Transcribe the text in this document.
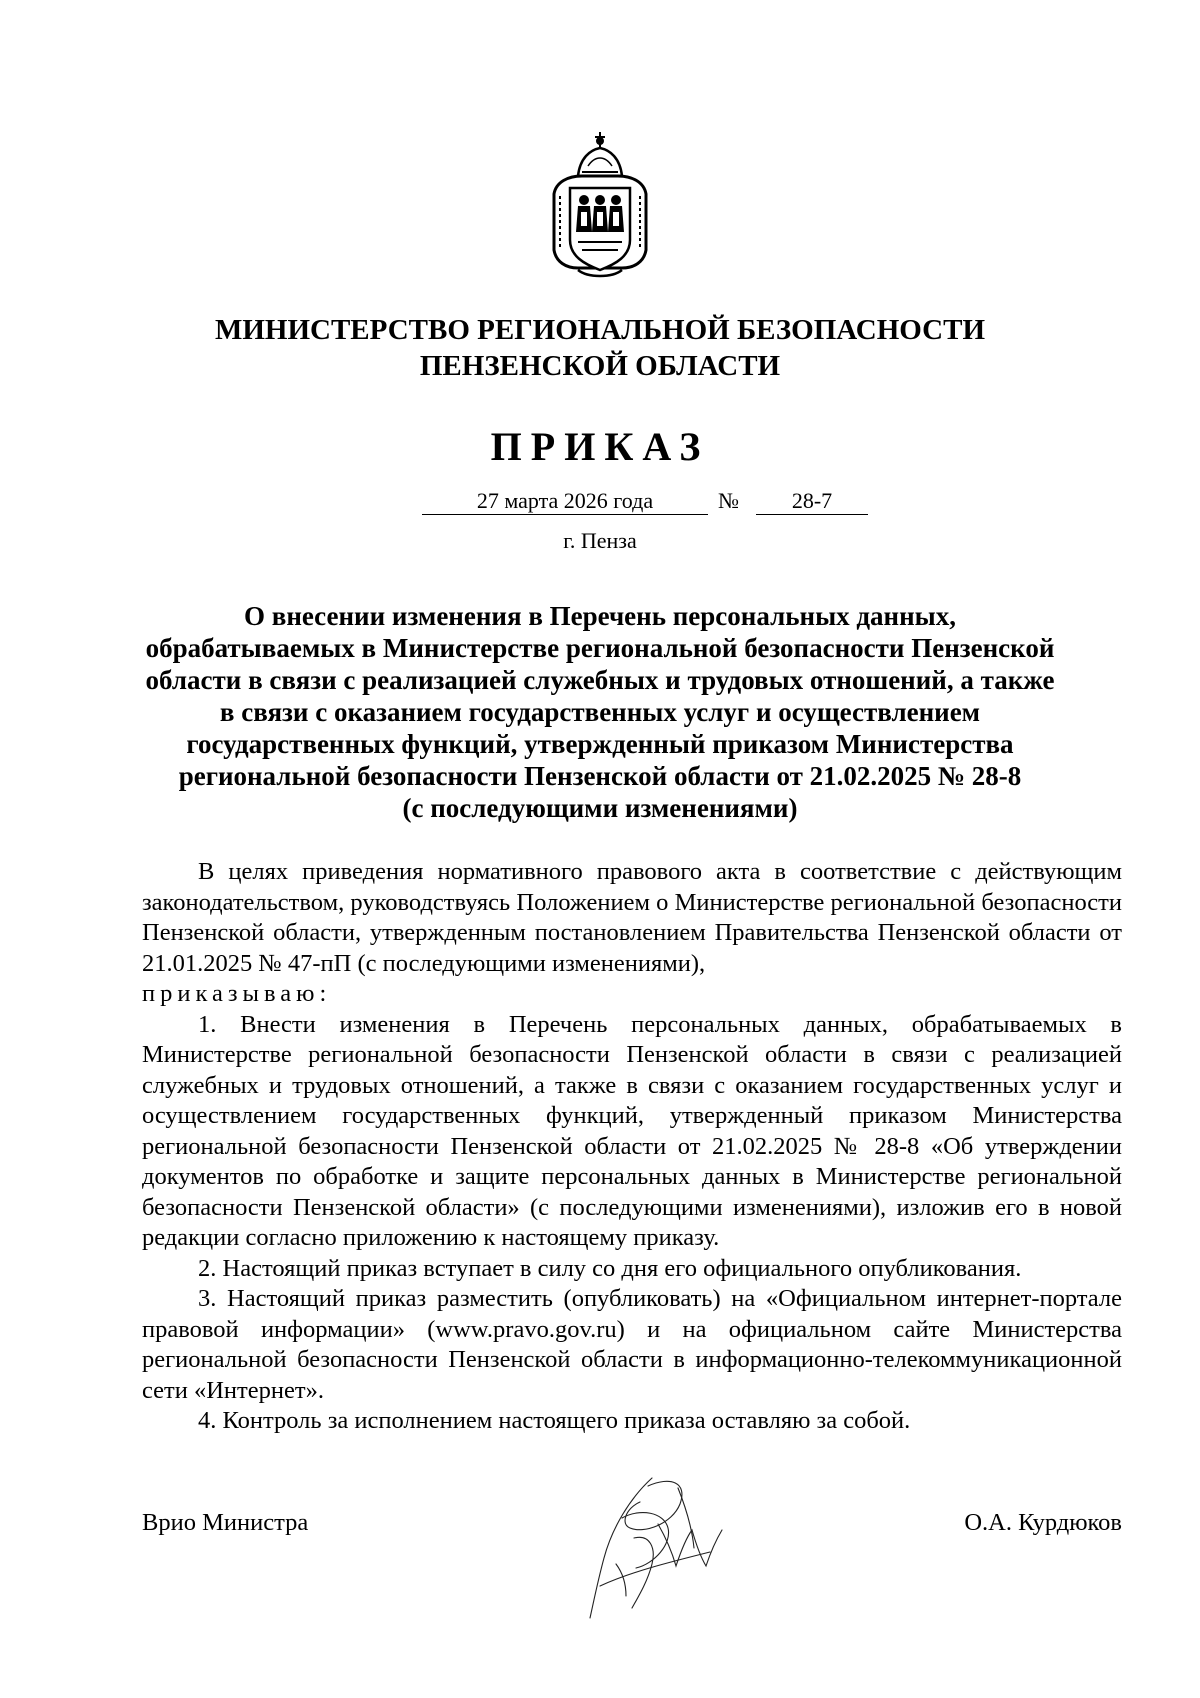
МИНИСТЕРСТВО РЕГИОНАЛЬНОЙ БЕЗОПАСНОСТИ
ПЕНЗЕНСКОЙ ОБЛАСТИ
ПРИКАЗ
27 марта 2026 года	№	28-7
г. Пенза
О внесении изменения в Перечень персональных данных,
обрабатываемых в Министерстве региональной безопасности Пензенской
области в связи с реализацией служебных и трудовых отношений, а также
в связи с оказанием государственных услуг и осуществлением
государственных функций, утвержденный приказом Министерства
региональной безопасности Пензенской области от 21.02.2025 № 28-8
(с последующими изменениями)

В целях приведения нормативного правового акта в соответствие с действующим законодательством, руководствуясь Положением о Министерстве региональной безопасности Пензенской области, утвержденным постановлением Правительства Пензенской области от 21.01.2025 № 47-пП (с последующими изменениями),

приказываю:

1. Внести изменения в Перечень персональных данных, обрабатываемых в Министерстве региональной безопасности Пензенской области в связи с реализацией служебных и трудовых отношений, а также в связи с оказанием государственных услуг и осуществлением государственных функций, утвержденный приказом Министерства региональной безопасности Пензенской области от 21.02.2025 № 28-8 «Об утверждении документов по обработке и защите персональных данных в Министерстве региональной безопасности Пензенской области» (с последующими изменениями), изложив его в новой редакции согласно приложению к настоящему приказу.

2. Настоящий приказ вступает в силу со дня его официального опубликования.

3. Настоящий приказ разместить (опубликовать) на «Официальном интернет-портале правовой информации» (www.pravo.gov.ru) и на официальном сайте Министерства региональной безопасности Пензенской области в информационно-телекоммуникационной сети «Интернет».

4. Контроль за исполнением настоящего приказа оставляю за собой.

Врио Министра	О.А. Курдюков
